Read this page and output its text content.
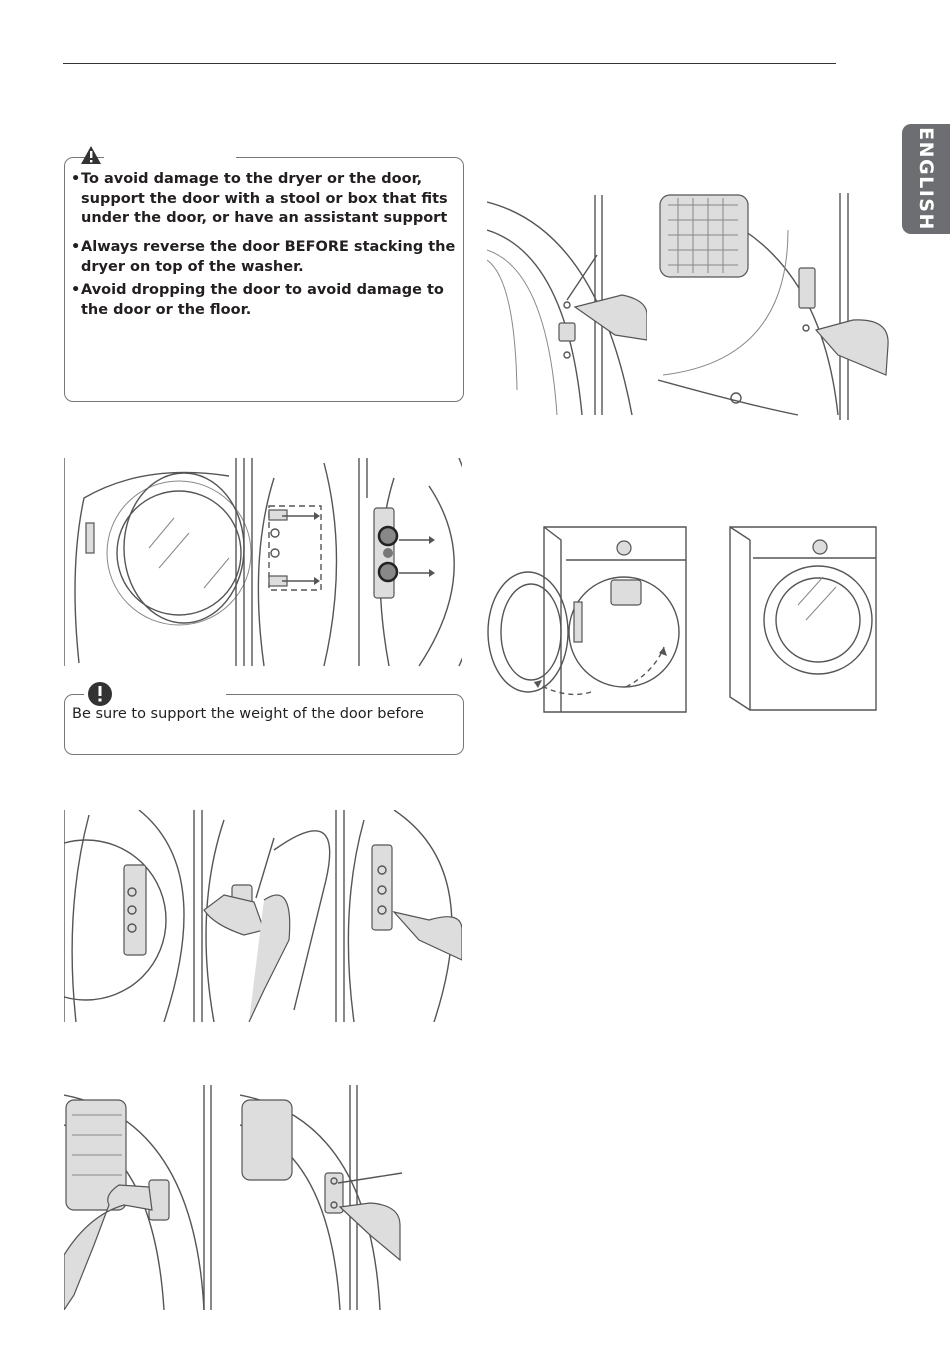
ENGLISH
• To avoid damage to the dryer or the door, support the door with a stool or box that fits under the door, or have an assistant support
• Always reverse the door BEFORE stacking the dryer on top of the washer.
• Avoid dropping the door to avoid damage to the door or the floor.
Be sure to support the weight of the door before
